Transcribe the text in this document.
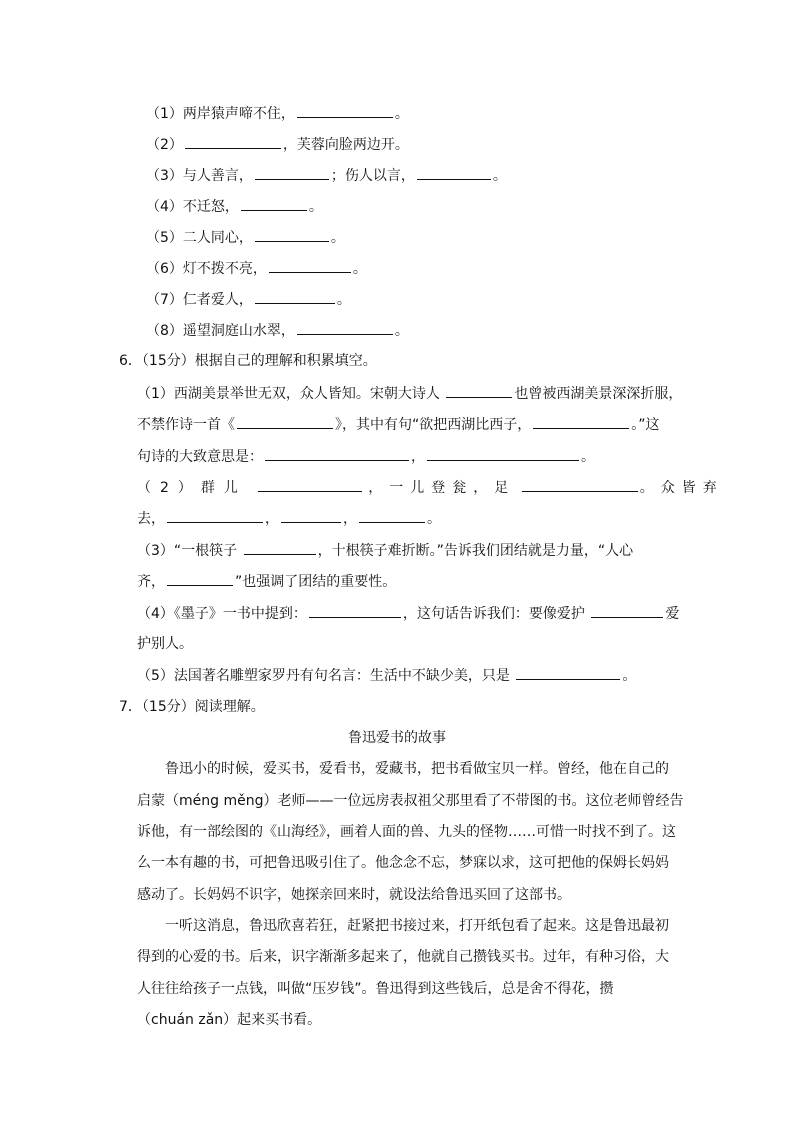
（1）两岸猿声啼不住，	。
（2）	，芙蓉向脸两边开。
（3）与人善言，	；伤人以言，	。
（4）不迁怒，	。
（5）二人同心，	。
（6）灯不拨不亮，	。
（7）仁者爱人，	。
（8）遥望洞庭山水翠，	。
6．（15分）根据自己的理解和积累填空。
（1）西湖美景举世无双，众人皆知。宋朝大诗人	也曾被西湖美景深深折服，
不禁作诗一首《	》，其中有句“欲把西湖比西子，	。”这
句诗的大致意思是：	，	。
（2）群儿	，一儿登瓮，足	。众皆弃
去，	，	，	。
（3）“一根筷子	，十根筷子难折断。”告诉我们团结就是力量，“人心
齐，	”也强调了团结的重要性。
（4）《墨子》一书中提到：	，这句话告诉我们：要像爱护	爱
护别人。
（5）法国著名雕塑家罗丹有句名言：生活中不缺少美，只是	。
7．（15分）阅读理解。
鲁迅爱书的故事
鲁迅小的时候，爱买书，爱看书，爱藏书，把书看做宝贝一样。曾经，他在自己的
启蒙（méng měng）老师——一位远房表叔祖父那里看了不带图的书。这位老师曾经告
诉他，有一部绘图的《山海经》，画着人面的兽、九头的怪物……可惜一时找不到了。这
么一本有趣的书，可把鲁迅吸引住了。他念念不忘，梦寐以求，这可把他的保姆长妈妈
感动了。长妈妈不识字，她探亲回来时，就设法给鲁迅买回了这部书。
一听这消息，鲁迅欣喜若狂，赶紧把书接过来，打开纸包看了起来。这是鲁迅最初
得到的心爱的书。后来，识字渐渐多起来了，他就自己攒钱买书。过年，有种习俗，大
人往往给孩子一点钱，叫做“压岁钱”。鲁迅得到这些钱后，总是舍不得花，攒
（chuán zǎn）起来买书看。
